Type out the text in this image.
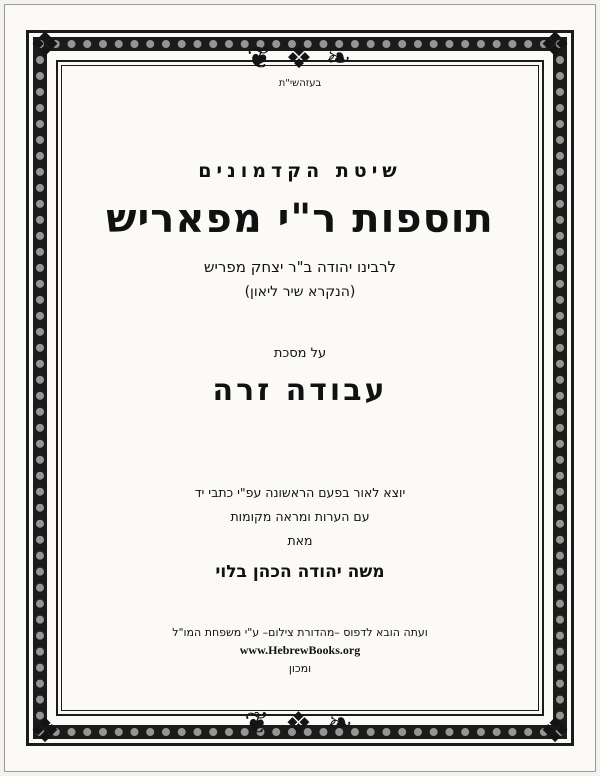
❖	❖
❖	❖
❦ ❖ ❧
בעזהשי"ת
❦ ❖ ❧
שיטת הקדמונים
תוספות ר"י מפאריש
לרבינו יהודה ב"ר יצחק מפריש
(הנקרא שיר ליאון)
על מסכת
עבודה זרה
יוצא לאור בפעם הראשונה עפ"י כתבי יד
עם הערות ומראה מקומות
מאת
משה יהודה הכהן בלוי
ועתה הובא לדפוס –מהדורת צילום– ע"י משפחת המו"ל
www.HebrewBooks.org
ומכון
